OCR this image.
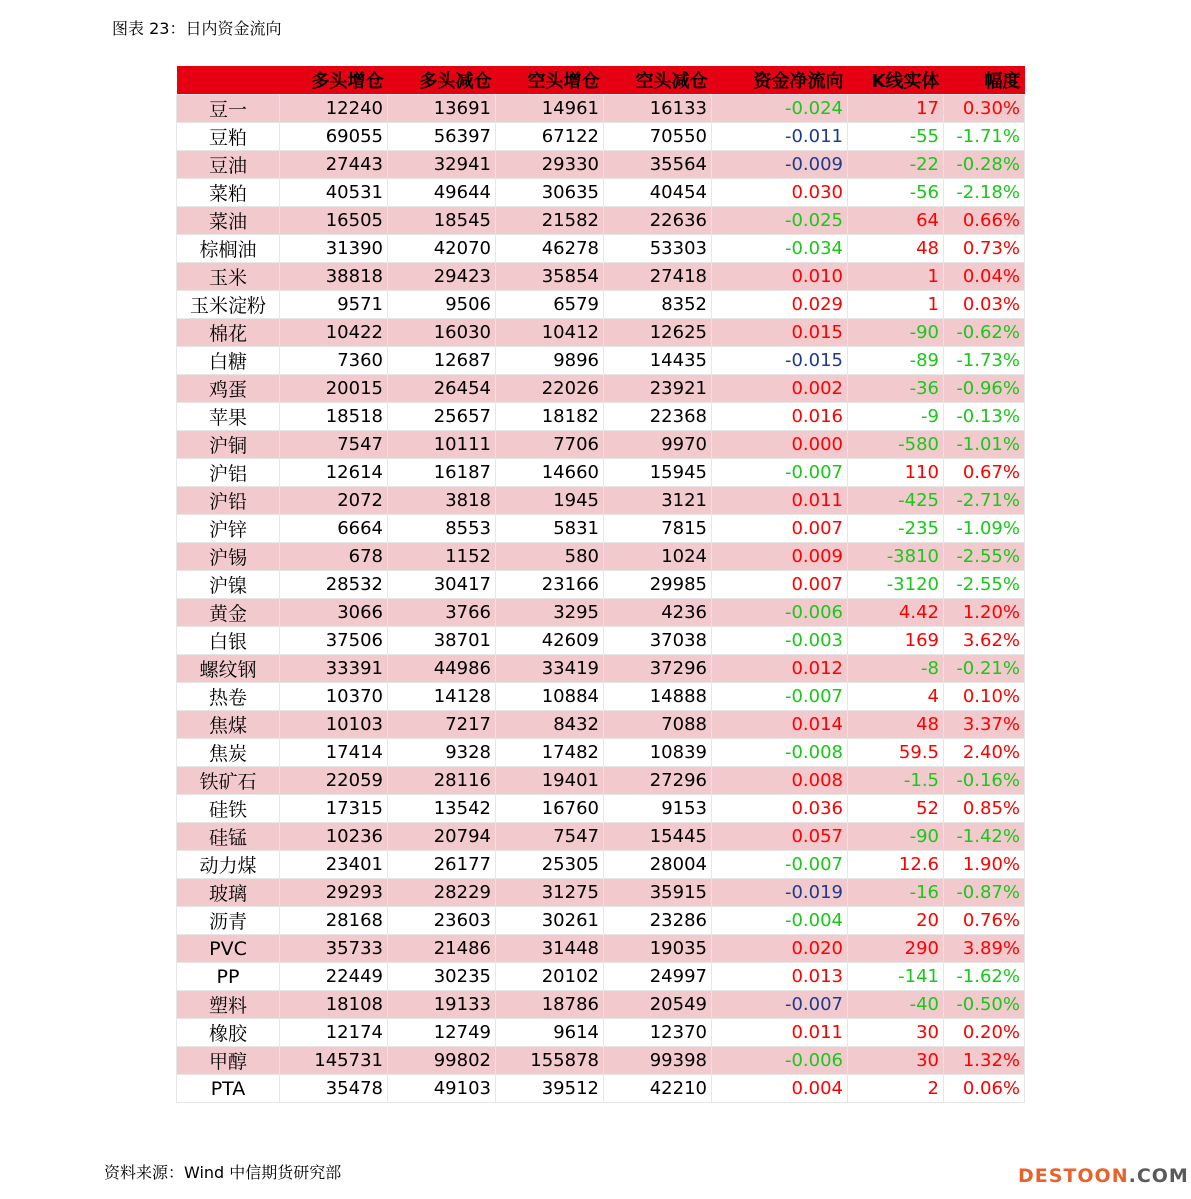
图表 23：日内资金流向
	多头增仓	多头减仓	空头增仓	空头减仓	资金净流向	K线实体	幅度
豆一	12240	13691	14961	16133	-0.024	17	0.30%
豆粕	69055	56397	67122	70550	-0.011	-55	-1.71%
豆油	27443	32941	29330	35564	-0.009	-22	-0.28%
菜粕	40531	49644	30635	40454	0.030	-56	-2.18%
菜油	16505	18545	21582	22636	-0.025	64	0.66%
棕榈油	31390	42070	46278	53303	-0.034	48	0.73%
玉米	38818	29423	35854	27418	0.010	1	0.04%
玉米淀粉	9571	9506	6579	8352	0.029	1	0.03%
棉花	10422	16030	10412	12625	0.015	-90	-0.62%
白糖	7360	12687	9896	14435	-0.015	-89	-1.73%
鸡蛋	20015	26454	22026	23921	0.002	-36	-0.96%
苹果	18518	25657	18182	22368	0.016	-9	-0.13%
沪铜	7547	10111	7706	9970	0.000	-580	-1.01%
沪铝	12614	16187	14660	15945	-0.007	110	0.67%
沪铅	2072	3818	1945	3121	0.011	-425	-2.71%
沪锌	6664	8553	5831	7815	0.007	-235	-1.09%
沪锡	678	1152	580	1024	0.009	-3810	-2.55%
沪镍	28532	30417	23166	29985	0.007	-3120	-2.55%
黄金	3066	3766	3295	4236	-0.006	4.42	1.20%
白银	37506	38701	42609	37038	-0.003	169	3.62%
螺纹钢	33391	44986	33419	37296	0.012	-8	-0.21%
热卷	10370	14128	10884	14888	-0.007	4	0.10%
焦煤	10103	7217	8432	7088	0.014	48	3.37%
焦炭	17414	9328	17482	10839	-0.008	59.5	2.40%
铁矿石	22059	28116	19401	27296	0.008	-1.5	-0.16%
硅铁	17315	13542	16760	9153	0.036	52	0.85%
硅锰	10236	20794	7547	15445	0.057	-90	-1.42%
动力煤	23401	26177	25305	28004	-0.007	12.6	1.90%
玻璃	29293	28229	31275	35915	-0.019	-16	-0.87%
沥青	28168	23603	30261	23286	-0.004	20	0.76%
PVC	35733	21486	31448	19035	0.020	290	3.89%
PP	22449	30235	20102	24997	0.013	-141	-1.62%
塑料	18108	19133	18786	20549	-0.007	-40	-0.50%
橡胶	12174	12749	9614	12370	0.011	30	0.20%
甲醇	145731	99802	155878	99398	-0.006	30	1.32%
PTA	35478	49103	39512	42210	0.004	2	0.06%
资料来源：Wind 中信期货研究部	DESTOON.COM
